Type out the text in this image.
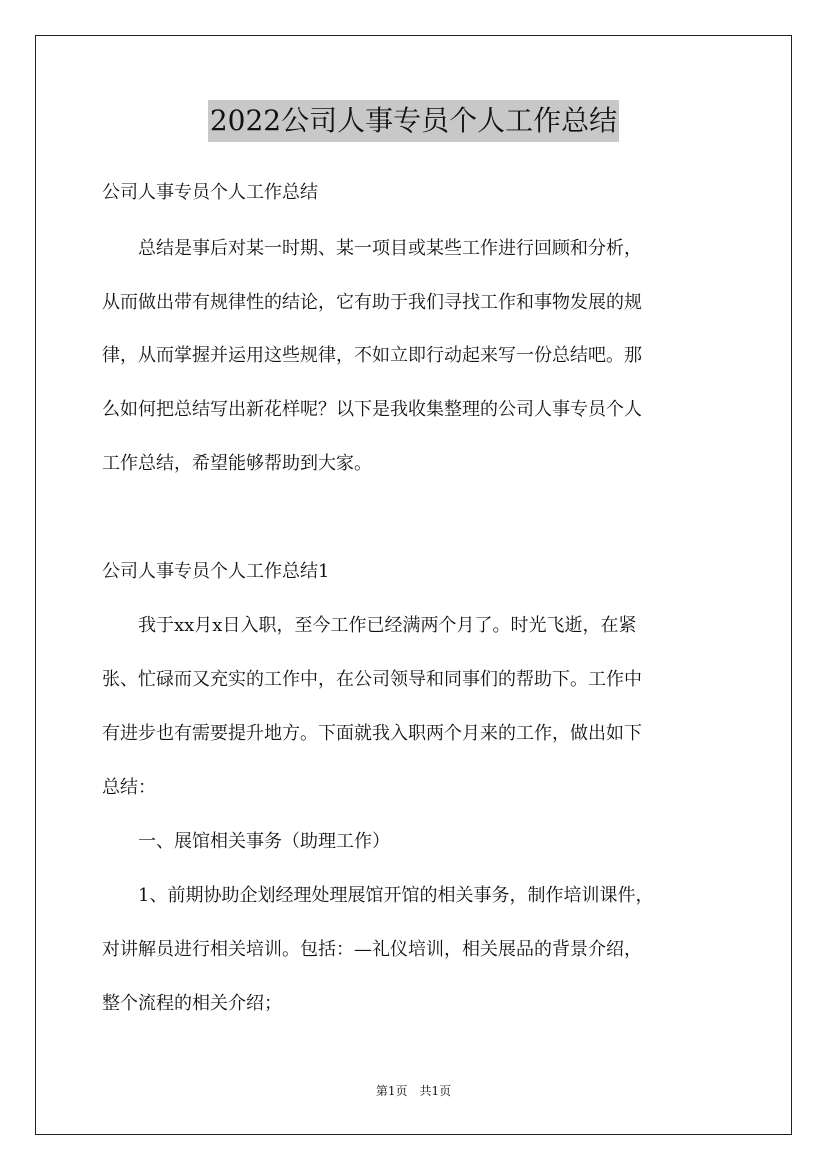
2022公司人事专员个人工作总结

公司人事专员个人工作总结

　　总结是事后对某一时期、某一项目或某些工作进行回顾和分析，

从而做出带有规律性的结论，它有助于我们寻找工作和事物发展的规

律，从而掌握并运用这些规律，不如立即行动起来写一份总结吧。那

么如何把总结写出新花样呢？以下是我收集整理的公司人事专员个人

工作总结，希望能够帮助到大家。

公司人事专员个人工作总结1

　　我于xx月x日入职，至今工作已经满两个月了。时光飞逝，在紧

张、忙碌而又充实的工作中，在公司领导和同事们的帮助下。工作中

有进步也有需要提升地方。下面就我入职两个月来的工作，做出如下

总结：

　　一、展馆相关事务（助理工作）

　　1、前期协助企划经理处理展馆开馆的相关事务，制作培训课件，

对讲解员进行相关培训。包括：—礼仪培训，相关展品的背景介绍，

整个流程的相关介绍；

第1页　共1页
